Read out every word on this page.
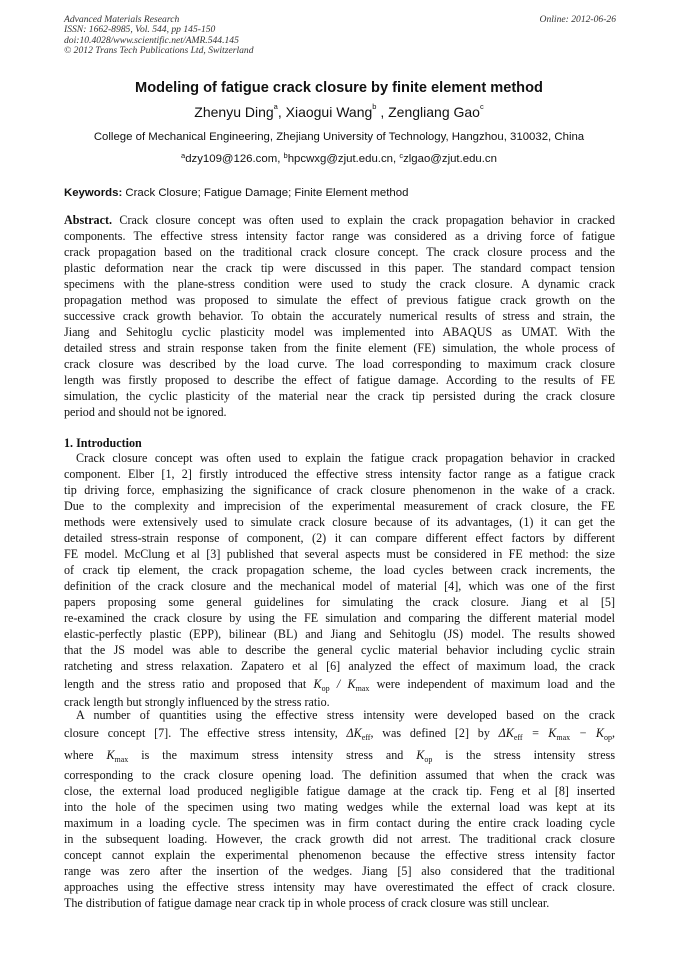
Advanced Materials Research
ISSN: 1662-8985, Vol. 544, pp 145-150
doi:10.4028/www.scientific.net/AMR.544.145
© 2012 Trans Tech Publications Ltd, Switzerland
Online: 2012-06-26
Modeling of fatigue crack closure by finite element method
Zhenyu Ding$^a$, Xiaogui Wang$^b$ , Zengliang Gao$^c$
College of Mechanical Engineering, Zhejiang University of Technology, Hangzhou, 310032, China
$^a$dzy109@126.com, $^b$hpcwxg@zjut.edu.cn, $^c$zlgao@zjut.edu.cn
Keywords: Crack Closure; Fatigue Damage; Finite Element method
Abstract. Crack closure concept was often used to explain the crack propagation behavior in cracked
components. The effective stress intensity factor range was considered as a driving force of fatigue
crack propagation based on the traditional crack closure concept. The crack closure process and the
plastic deformation near the crack tip were discussed in this paper. The standard compact tension
specimens with the plane-stress condition were used to study the crack closure. A dynamic crack
propagation method was proposed to simulate the effect of previous fatigue crack growth on the
successive crack growth behavior. To obtain the accurately numerical results of stress and strain, the
Jiang and Sehitoglu cyclic plasticity model was implemented into ABAQUS as UMAT. With the
detailed stress and strain response taken from the finite element (FE) simulation, the whole process of
crack closure was described by the load curve. The load corresponding to maximum crack closure
length was firstly proposed to describe the effect of fatigue damage. According to the results of FE
simulation, the cyclic plasticity of the material near the crack tip persisted during the crack closure
period and should not be ignored.
1. Introduction
Crack closure concept was often used to explain the fatigue crack propagation behavior in cracked
component. Elber [1, 2] firstly introduced the effective stress intensity factor range as a fatigue crack
tip driving force, emphasizing the significance of crack closure phenomenon in the wake of a crack.
Due to the complexity and imprecision of the experimental measurement of crack closure, the FE
methods were extensively used to simulate crack closure because of its advantages, (1) it can get the
detailed stress-strain response of component, (2) it can compare different effect factors by different
FE model. McClung et al [3] published that several aspects must be considered in FE method: the size
of crack tip element, the crack propagation scheme, the load cycles between crack increments, the
definition of the crack closure and the mechanical model of material [4], which was one of the first
papers proposing some general guidelines for simulating the crack closure. Jiang et al [5]
re-examined the crack closure by using the FE simulation and comparing the different material model
elastic-perfectly plastic (EPP), bilinear (BL) and Jiang and Sehitoglu (JS) model. The results showed
that the JS model was able to describe the general cyclic material behavior including cyclic strain
ratcheting and stress relaxation. Zapatero et al [6] analyzed the effect of maximum load, the crack
length and the stress ratio and proposed that $K_{op} / K_{max}$ were independent of maximum load and the
crack length but strongly influenced by the stress ratio.
A number of quantities using the effective stress intensity were developed based on the crack
closure concept [7]. The effective stress intensity, $\Delta K_{eff}$, was defined [2] by $\Delta K_{eff} = K_{max} - K_{op}$,
where $K_{max}$ is the maximum stress intensity stress and $K_{op}$ is the stress intensity stress
corresponding to the crack closure opening load. The definition assumed that when the crack was
close, the external load produced negligible fatigue damage at the crack tip. Feng et al [8] inserted
into the hole of the specimen using two mating wedges while the external load was kept at its
maximum in a loading cycle. The specimen was in firm contact during the entire crack loading cycle
in the subsequent loading. However, the crack growth did not arrest. The traditional crack closure
concept cannot explain the experimental phenomenon because the effective stress intensity factor
range was zero after the insertion of the wedges. Jiang [5] also considered that the traditional
approaches using the effective stress intensity may have overestimated the effect of crack closure.
The distribution of fatigue damage near crack tip in whole process of crack closure was still unclear.
